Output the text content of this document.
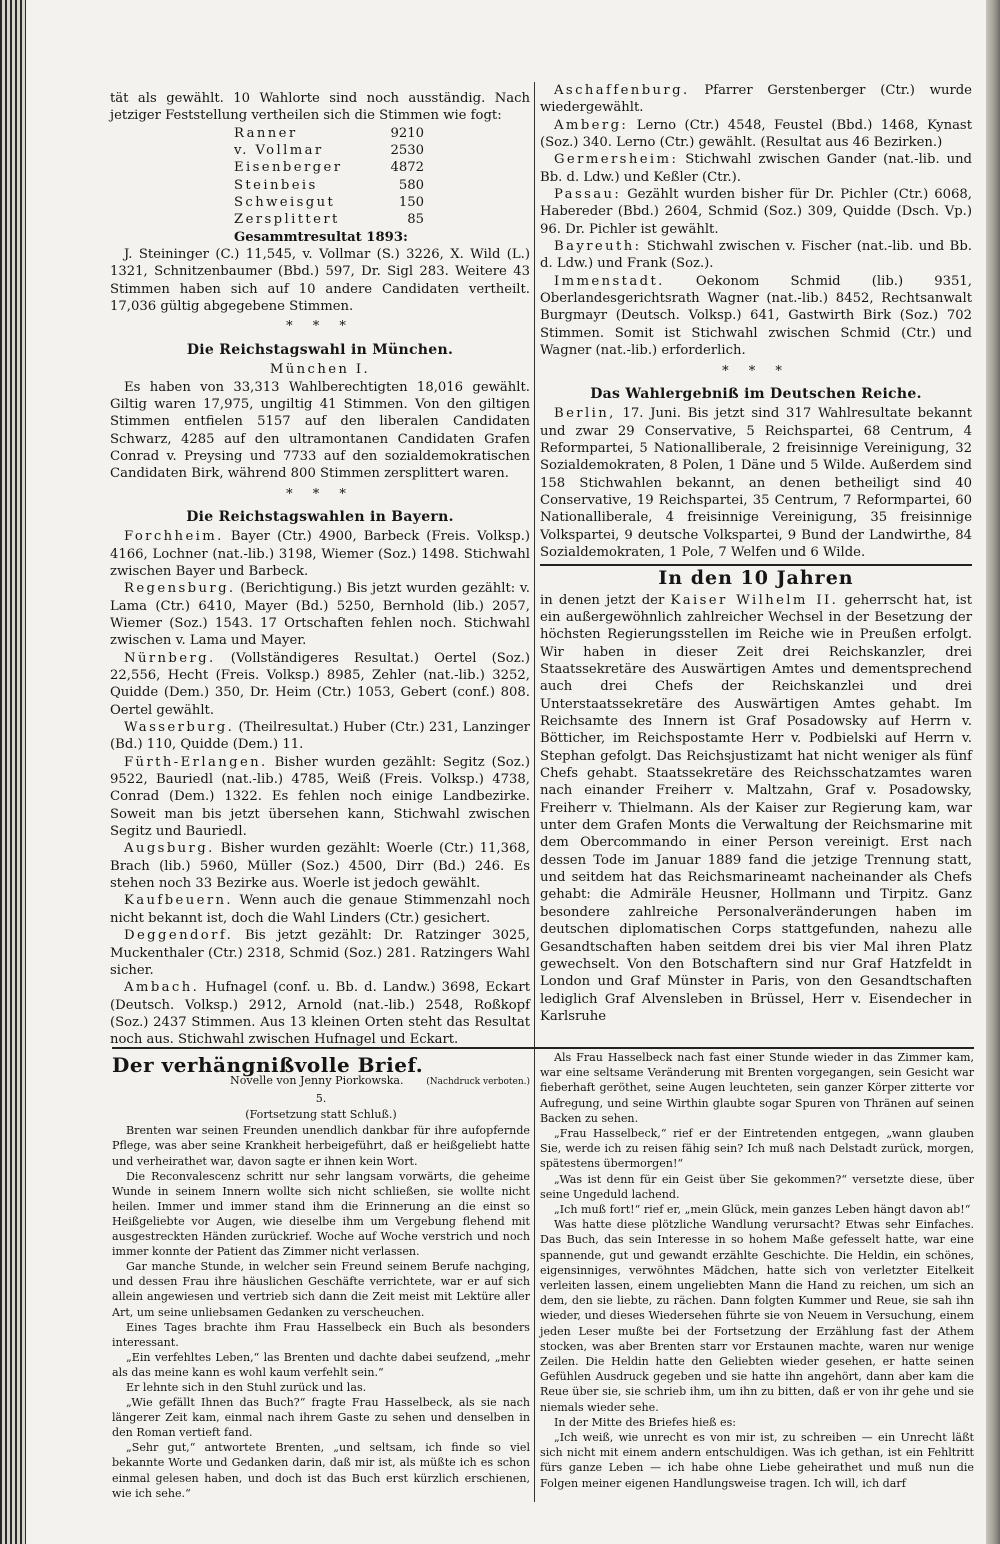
tät als gewählt. 10 Wahlorte sind noch ausständig. Nach jetziger Feststellung vertheilen sich die Stimmen wie fogt:

Ranner	9210
v. Vollmar	2530
Eisenberger	4872
Steinbeis	580
Schweisgut	150
Zersplittert	85

Gesammtresultat 1893:

J. Steininger (C.) 11,545, v. Vollmar (S.) 3226, X. Wild (L.) 1321, Schnitzenbaumer (Bbd.) 597, Dr. Sigl 283. Weitere 43 Stimmen haben sich auf 10 andere Candidaten vertheilt. 17,036 gültig abgegebene Stimmen.

* * *

Die Reichstagswahl in München.

München I.

Es haben von 33,313 Wahlberechtigten 18,016 gewählt. Giltig waren 17,975, ungiltig 41 Stimmen. Von den giltigen Stimmen entfielen 5157 auf den liberalen Candidaten Schwarz, 4285 auf den ultramontanen Candidaten Grafen Conrad v. Preysing und 7733 auf den sozialdemokratischen Candidaten Birk, während 800 Stimmen zersplittert waren.

* * *

Die Reichstagswahlen in Bayern.

Forchheim. Bayer (Ctr.) 4900, Barbeck (Freis. Volksp.) 4166, Lochner (nat.-lib.) 3198, Wiemer (Soz.) 1498. Stichwahl zwischen Bayer und Barbeck.

Regensburg. (Berichtigung.) Bis jetzt wurden gezählt: v. Lama (Ctr.) 6410, Mayer (Bd.) 5250, Bernhold (lib.) 2057, Wiemer (Soz.) 1543. 17 Ortschaften fehlen noch. Stichwahl zwischen v. Lama und Mayer.

Nürnberg. (Vollständigeres Resultat.) Oertel (Soz.) 22,556, Hecht (Freis. Volksp.) 8985, Zehler (nat.-lib.) 3252, Quidde (Dem.) 350, Dr. Heim (Ctr.) 1053, Gebert (conf.) 808. Oertel gewählt.

Wasserburg. (Theilresultat.) Huber (Ctr.) 231, Lanzinger (Bd.) 110, Quidde (Dem.) 11.

Fürth-Erlangen. Bisher wurden gezählt: Segitz (Soz.) 9522, Bauriedl (nat.-lib.) 4785, Weiß (Freis. Volksp.) 4738, Conrad (Dem.) 1322. Es fehlen noch einige Landbezirke. Soweit man bis jetzt übersehen kann, Stichwahl zwischen Segitz und Bauriedl.

Augsburg. Bisher wurden gezählt: Woerle (Ctr.) 11,368, Brach (lib.) 5960, Müller (Soz.) 4500, Dirr (Bd.) 246. Es stehen noch 33 Bezirke aus. Woerle ist jedoch gewählt.

Kaufbeuern. Wenn auch die genaue Stimmenzahl noch nicht bekannt ist, doch die Wahl Linders (Ctr.) gesichert.

Deggendorf. Bis jetzt gezählt: Dr. Ratzinger 3025, Muckenthaler (Ctr.) 2318, Schmid (Soz.) 281. Ratzingers Wahl sicher.

Ambach. Hufnagel (conf. u. Bb. d. Landw.) 3698, Eckart (Deutsch. Volksp.) 2912, Arnold (nat.-lib.) 2548, Roßkopf (Soz.) 2437 Stimmen. Aus 13 kleinen Orten steht das Resultat noch aus. Stichwahl zwischen Hufnagel und Eckart.

Aschaffenburg. Pfarrer Gerstenberger (Ctr.) wurde wiedergewählt.

Amberg: Lerno (Ctr.) 4548, Feustel (Bbd.) 1468, Kynast (Soz.) 340. Lerno (Ctr.) gewählt. (Resultat aus 46 Bezirken.)

Germersheim: Stichwahl zwischen Gander (nat.-lib. und Bb. d. Ldw.) und Keßler (Ctr.).

Passau: Gezählt wurden bisher für Dr. Pichler (Ctr.) 6068, Habereder (Bbd.) 2604, Schmid (Soz.) 309, Quidde (Dsch. Vp.) 96. Dr. Pichler ist gewählt.

Bayreuth: Stichwahl zwischen v. Fischer (nat.-lib. und Bb. d. Ldw.) und Frank (Soz.).

Immenstadt. Oekonom Schmid (lib.) 9351, Oberlandesgerichtsrath Wagner (nat.-lib.) 8452, Rechtsanwalt Burgmayr (Deutsch. Volksp.) 641, Gastwirth Birk (Soz.) 702 Stimmen. Somit ist Stichwahl zwischen Schmid (Ctr.) und Wagner (nat.-lib.) erforderlich.

* * *

Das Wahlergebniß im Deutschen Reiche.

Berlin, 17. Juni. Bis jetzt sind 317 Wahlresultate bekannt und zwar 29 Conservative, 5 Reichspartei, 68 Centrum, 4 Reformpartei, 5 Nationalliberale, 2 freisinnige Vereinigung, 32 Sozialdemokraten, 8 Polen, 1 Däne und 5 Wilde. Außerdem sind 158 Stichwahlen bekannt, an denen betheiligt sind 40 Conservative, 19 Reichspartei, 35 Centrum, 7 Reformpartei, 60 Nationalliberale, 4 freisinnige Vereinigung, 35 freisinnige Volkspartei, 9 deutsche Volkspartei, 9 Bund der Landwirthe, 84 Sozialdemokraten, 1 Pole, 7 Welfen und 6 Wilde.

In den 10 Jahren

in denen jetzt der Kaiser Wilhelm II. geherrscht hat, ist ein außergewöhnlich zahlreicher Wechsel in der Besetzung der höchsten Regierungsstellen im Reiche wie in Preußen erfolgt. Wir haben in dieser Zeit drei Reichskanzler, drei Staatssekretäre des Auswärtigen Amtes und dementsprechend auch drei Chefs der Reichskanzlei und drei Unterstaatssekretäre des Auswärtigen Amtes gehabt. Im Reichsamte des Innern ist Graf Posadowsky auf Herrn v. Bötticher, im Reichspostamte Herr v. Podbielski auf Herrn v. Stephan gefolgt. Das Reichsjustizamt hat nicht weniger als fünf Chefs gehabt. Staatssekretäre des Reichsschatzamtes waren nach einander Freiherr v. Maltzahn, Graf v. Posadowsky, Freiherr v. Thielmann. Als der Kaiser zur Regierung kam, war unter dem Grafen Monts die Verwaltung der Reichsmarine mit dem Obercommando in einer Person vereinigt. Erst nach dessen Tode im Januar 1889 fand die jetzige Trennung statt, und seitdem hat das Reichsmarineamt nacheinander als Chefs gehabt: die Admiräle Heusner, Hollmann und Tirpitz. Ganz besondere zahlreiche Personalveränderungen haben im deutschen diplomatischen Corps stattgefunden, nahezu alle Gesandtschaften haben seitdem drei bis vier Mal ihren Platz gewechselt. Von den Botschaftern sind nur Graf Hatzfeldt in London und Graf Münster in Paris, von den Gesandtschaften lediglich Graf Alvensleben in Brüssel, Herr v. Eisendecher in Karlsruhe

Der verhängnißvolle Brief.
Novelle von Jenny Piorkowska.	(Nachdruck verboten.)

5.

(Fortsetzung statt Schluß.)

Brenten war seinen Freunden unendlich dankbar für ihre aufopfernde Pflege, was aber seine Krankheit herbeigeführt, daß er heißgeliebt hatte und verheirathet war, davon sagte er ihnen kein Wort.

Die Reconvalescenz schritt nur sehr langsam vorwärts, die geheime Wunde in seinem Innern wollte sich nicht schließen, sie wollte nicht heilen. Immer und immer stand ihm die Erinnerung an die einst so Heißgeliebte vor Augen, wie dieselbe ihm um Vergebung flehend mit ausgestreckten Händen zurückrief. Woche auf Woche verstrich und noch immer konnte der Patient das Zimmer nicht verlassen.

Gar manche Stunde, in welcher sein Freund seinem Berufe nachging, und dessen Frau ihre häuslichen Geschäfte verrichtete, war er auf sich allein angewiesen und vertrieb sich dann die Zeit meist mit Lektüre aller Art, um seine unliebsamen Gedanken zu verscheuchen.

Eines Tages brachte ihm Frau Hasselbeck ein Buch als besonders interessant.

„Ein verfehltes Leben,“ las Brenten und dachte dabei seufzend, „mehr als das meine kann es wohl kaum verfehlt sein.“

Er lehnte sich in den Stuhl zurück und las.

„Wie gefällt Ihnen das Buch?“ fragte Frau Hasselbeck, als sie nach längerer Zeit kam, einmal nach ihrem Gaste zu sehen und denselben in den Roman vertieft fand.

„Sehr gut,“ antwortete Brenten, „und seltsam, ich finde so viel bekannte Worte und Gedanken darin, daß mir ist, als müßte ich es schon einmal gelesen haben, und doch ist das Buch erst kürzlich erschienen, wie ich sehe.“

Als Frau Hasselbeck nach fast einer Stunde wieder in das Zimmer kam, war eine seltsame Veränderung mit Brenten vorgegangen, sein Gesicht war fieberhaft geröthet, seine Augen leuchteten, sein ganzer Körper zitterte vor Aufregung, und seine Wirthin glaubte sogar Spuren von Thränen auf seinen Backen zu sehen.

„Frau Hasselbeck,“ rief er der Eintretenden entgegen, „wann glauben Sie, werde ich zu reisen fähig sein? Ich muß nach Delstadt zurück, morgen, spätestens übermorgen!“

„Was ist denn für ein Geist über Sie gekommen?“ versetzte diese, über seine Ungeduld lachend.

„Ich muß fort!“ rief er, „mein Glück, mein ganzes Leben hängt davon ab!“

Was hatte diese plötzliche Wandlung verursacht? Etwas sehr Einfaches. Das Buch, das sein Interesse in so hohem Maße gefesselt hatte, war eine spannende, gut und gewandt erzählte Geschichte. Die Heldin, ein schönes, eigensinniges, verwöhntes Mädchen, hatte sich von verletzter Eitelkeit verleiten lassen, einem ungeliebten Mann die Hand zu reichen, um sich an dem, den sie liebte, zu rächen. Dann folgten Kummer und Reue, sie sah ihn wieder, und dieses Wiedersehen führte sie von Neuem in Versuchung, einem jeden Leser mußte bei der Fortsetzung der Erzählung fast der Athem stocken, was aber Brenten starr vor Erstaunen machte, waren nur wenige Zeilen. Die Heldin hatte den Geliebten wieder gesehen, er hatte seinen Gefühlen Ausdruck gegeben und sie hatte ihn angehört, dann aber kam die Reue über sie, sie schrieb ihm, um ihn zu bitten, daß er von ihr gehe und sie niemals wieder sehe.

In der Mitte des Briefes hieß es:

„Ich weiß, wie unrecht es von mir ist, zu schreiben — ein Unrecht läßt sich nicht mit einem andern entschuldigen. Was ich gethan, ist ein Fehltritt fürs ganze Leben — ich habe ohne Liebe geheirathet und muß nun die Folgen meiner eigenen Handlungsweise tragen. Ich will, ich darf
